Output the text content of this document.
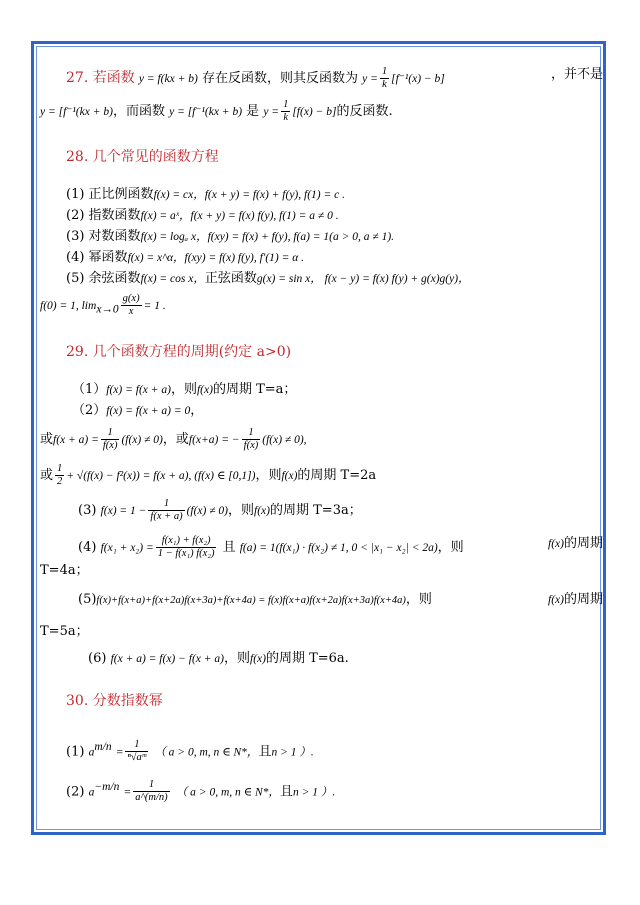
27. 若函数 y = f(kx + b) 存在反函数，则其反函数为 $y = \frac{1}{k} [f^{-1}(x) - b]$	，并不是
y = [f⁻¹(kx + b)，而函数 y = [f⁻¹(kx + b) 是 $y = \frac{1}{k} [f(x) - b]$的反函数.
28. 几个常见的函数方程
(1) 正比例函数f(x) = cx，f(x + y) = f(x) + f(y), f(1) = c .
(2) 指数函数f(x) = aˣ，f(x + y) = f(x) f(y), f(1) = a ≠ 0 .
(3) 对数函数f(x) = logₐ x，f(xy) = f(x) + f(y), f(a) = 1(a > 0, a ≠ 1).
(4) 幂函数f(x) = x^α，f(xy) = f(x) f(y), f′(1) = α .
(5) 余弦函数f(x) = cos x，正弦函数g(x) = sin x， f(x − y) = f(x) f(y) + g(x)g(y)，
f(0) = 1, $\lim_{x\to 0} \frac{g(x)}{x} = 1$ .
29. 几个函数方程的周期(约定 a>0)
（1）f(x) = f(x + a)，则f(x)的周期 T=a；
（2）f(x) = f(x + a) = 0，
或$f(x + a) = \frac{1}{f(x)} (f(x) \ne 0)$，或f(x+a) = − $\frac{1}{f(x)} (f(x) \ne 0)$,
或 $\frac{1}{2} + √(f(x) - f^2(x)) = f(x + a)$, (f(x) ∈ [0,1])，则f(x)的周期 T=2a
(3) $f(x) = 1 - \frac{1}{f(x + a)} (f(x) \ne 0)$，则f(x)的周期 T=3a；
(4) $f(x_1 + x_2) = \frac{\text{f(x₁) + f(x₂)}}{\text{1 − f(x₁) f(x₂)}}$ 且 f(a) = 1(f(x₁) · f(x₂) ≠ 1, 0 < |x₁ − x₂| < 2a)，则	f(x)的周期
T=4a；
(5)f(x)+f(x+a)+f(x+2a)f(x+3a)+f(x+4a) = f(x)f(x+a)f(x+2a)f(x+3a)f(x+4a)，则	f(x)的周期
T=5a；
(6) f(x + a) = f(x) − f(x + a)，则f(x)的周期 T=6a.
30. 分数指数幂
(1) $a^{m/n} = \frac{1}{\text{ⁿ√aᵐ}}$ （ a > 0, m, n ∈ N*，且n > 1 ）.
(2) $a^{-m/n} = \frac{1}{a\^{}(m/n)}$ （ a > 0, m, n ∈ N*，且n > 1 ）.
